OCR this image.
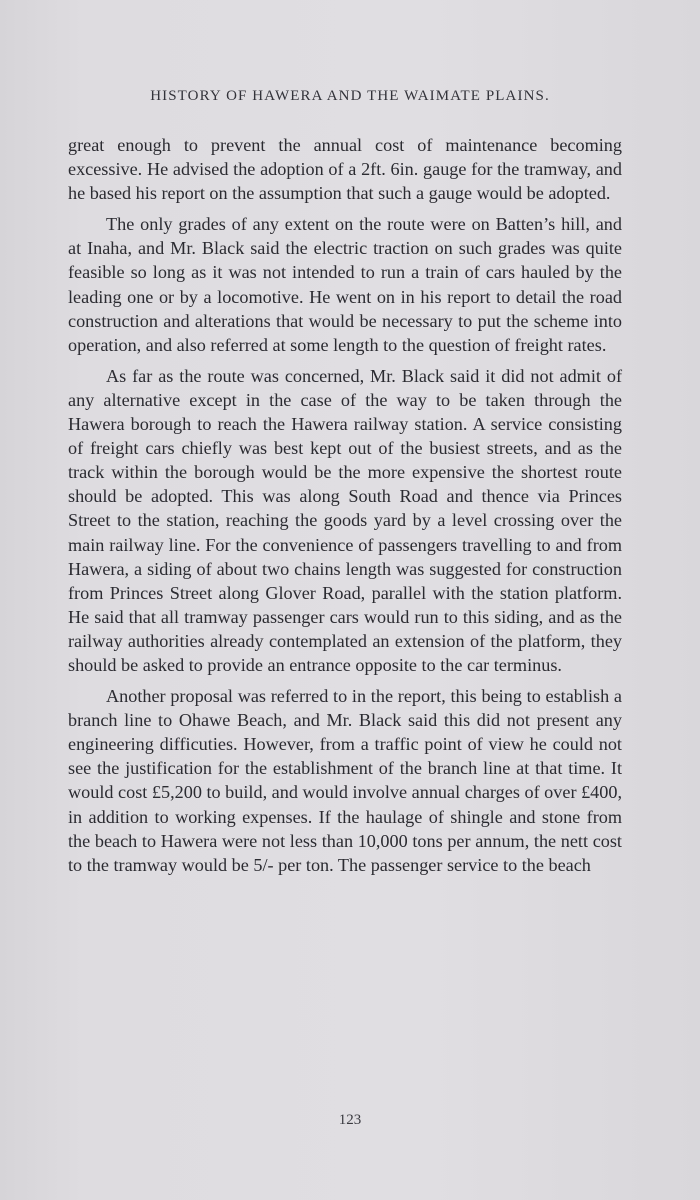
HISTORY OF HAWERA AND THE WAIMATE PLAINS.

great enough to prevent the annual cost of maintenance becoming excessive. He advised the adoption of a 2ft. 6in. gauge for the tramway, and he based his report on the assumption that such a gauge would be adopted.

The only grades of any extent on the route were on Batten’s hill, and at Inaha, and Mr. Black said the electric traction on such grades was quite feasible so long as it was not intended to run a train of cars hauled by the leading one or by a locomotive. He went on in his report to detail the road construction and alterations that would be necessary to put the scheme into operation, and also referred at some length to the question of freight rates.

As far as the route was concerned, Mr. Black said it did not admit of any alternative except in the case of the way to be taken through the Hawera borough to reach the Hawera railway station. A service consisting of freight cars chiefly was best kept out of the busiest streets, and as the track within the borough would be the more expensive the shortest route should be adopted. This was along South Road and thence via Princes Street to the station, reaching the goods yard by a level crossing over the main railway line. For the convenience of passengers travelling to and from Hawera, a siding of about two chains length was suggested for construction from Princes Street along Glover Road, parallel with the station platform. He said that all tramway passenger cars would run to this siding, and as the railway authorities already contemplated an extension of the platform, they should be asked to provide an entrance opposite to the car terminus.

Another proposal was referred to in the report, this being to establish a branch line to Ohawe Beach, and Mr. Black said this did not present any engineering difficuties. However, from a traffic point of view he could not see the justification for the establishment of the branch line at that time. It would cost £5,200 to build, and would involve annual charges of over £400, in addition to working expenses. If the haulage of shingle and stone from the beach to Hawera were not less than 10,000 tons per annum, the nett cost to the tramway would be 5/- per ton. The passenger service to the beach

123
